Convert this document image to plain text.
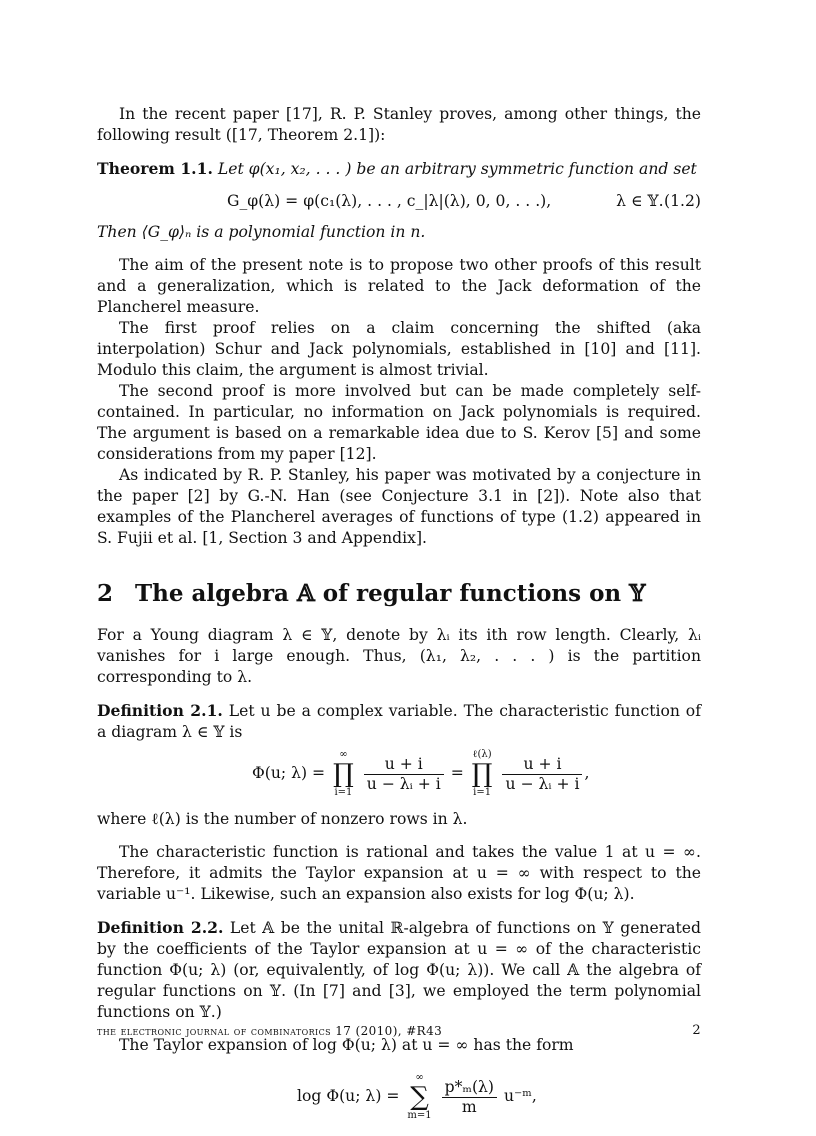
In the recent paper [17], R. P. Stanley proves, among other things, the following result ([17, Theorem 2.1]):

Theorem 1.1. Let φ(x₁, x₂, . . . ) be an arbitrary symmetric function and set

G_φ(λ) = φ(c₁(λ), . . . , c_|λ|(λ), 0, 0, . . .),	λ ∈ 𝕐. (1.2)

Then ⟨G_φ⟩ₙ is a polynomial function in n.

The aim of the present note is to propose two other proofs of this result and a generalization, which is related to the Jack deformation of the Plancherel measure.

The first proof relies on a claim concerning the shifted (aka interpolation) Schur and Jack polynomials, established in [10] and [11]. Modulo this claim, the argument is almost trivial.

The second proof is more involved but can be made completely self-contained. In particular, no information on Jack polynomials is required. The argument is based on a remarkable idea due to S. Kerov [5] and some considerations from my paper [12].

As indicated by R. P. Stanley, his paper was motivated by a conjecture in the paper [2] by G.-N. Han (see Conjecture 3.1 in [2]). Note also that examples of the Plancherel averages of functions of type (1.2) appeared in S. Fujii et al. [1, Section 3 and Appendix].

2 The algebra 𝔸 of regular functions on 𝕐

For a Young diagram λ ∈ 𝕐, denote by λᵢ its ith row length. Clearly, λᵢ vanishes for i large enough. Thus, (λ₁, λ₂, . . . ) is the partition corresponding to λ.

Definition 2.1. Let u be a complex variable. The characteristic function of a diagram λ ∈ 𝕐 is

Φ(u; λ) =
∞
∏
i=1
$\frac{u + i}{\text{u − λᵢ + i}}$ =
ℓ(λ)
∏
i=1
$\frac{u + i}{\text{u − λᵢ + i}}$ ,

where ℓ(λ) is the number of nonzero rows in λ.

The characteristic function is rational and takes the value 1 at u = ∞. Therefore, it admits the Taylor expansion at u = ∞ with respect to the variable u⁻¹. Likewise, such an expansion also exists for log Φ(u; λ).

Definition 2.2. Let 𝔸 be the unital ℝ-algebra of functions on 𝕐 generated by the coefficients of the Taylor expansion at u = ∞ of the characteristic function Φ(u; λ) (or, equivalently, of log Φ(u; λ)). We call 𝔸 the algebra of regular functions on 𝕐. (In [7] and [3], we employed the term polynomial functions on 𝕐.)

The Taylor expansion of log Φ(u; λ) at u = ∞ has the form

log Φ(u; λ) =
∞
∑
m=1
$\frac{\text{p*ₘ(λ)}}{m}$ u⁻ᵐ,
the electronic journal of combinatorics 17 (2010), #R43	2
